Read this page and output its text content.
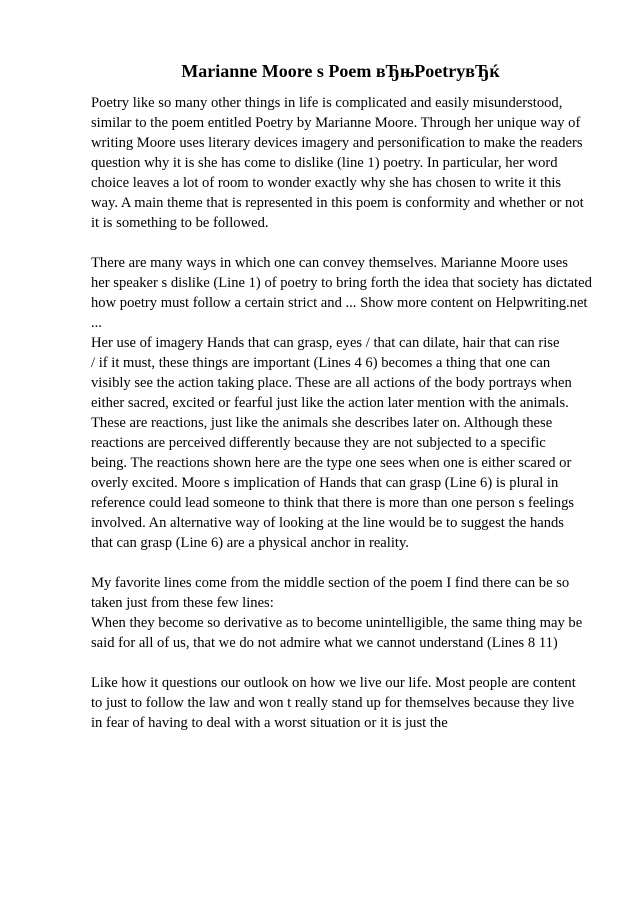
Marianne Moore s Poem вЂњPoetryвЂќ
Poetry like so many other things in life is complicated and easily misunderstood,
similar to the poem entitled Poetry by Marianne Moore. Through her unique way of
writing Moore uses literary devices imagery and personification to make the readers
question why it is she has come to dislike (line 1) poetry. In particular, her word
choice leaves a lot of room to wonder exactly why she has chosen to write it this
way. A main theme that is represented in this poem is conformity and whether or not
it is something to be followed.
There are many ways in which one can convey themselves. Marianne Moore uses
her speaker s dislike (Line 1) of poetry to bring forth the idea that society has dictated
how poetry must follow a certain strict and ... Show more content on Helpwriting.net
...
Her use of imagery Hands that can grasp, eyes / that can dilate, hair that can rise
/ if it must, these things are important (Lines 4 6) becomes a thing that one can
visibly see the action taking place. These are all actions of the body portrays when
either sacred, excited or fearful just like the action later mention with the animals.
These are reactions, just like the animals she describes later on. Although these
reactions are perceived differently because they are not subjected to a specific
being. The reactions shown here are the type one sees when one is either scared or
overly excited. Moore s implication of Hands that can grasp (Line 6) is plural in
reference could lead someone to think that there is more than one person s feelings
involved. An alternative way of looking at the line would be to suggest the hands
that can grasp (Line 6) are a physical anchor in reality.
My favorite lines come from the middle section of the poem I find there can be so
taken just from these few lines:
When they become so derivative as to become unintelligible, the same thing may be
said for all of us, that we do not admire what we cannot understand (Lines 8 11)
Like how it questions our outlook on how we live our life. Most people are content
to just to follow the law and won t really stand up for themselves because they live
in fear of having to deal with a worst situation or it is just the
